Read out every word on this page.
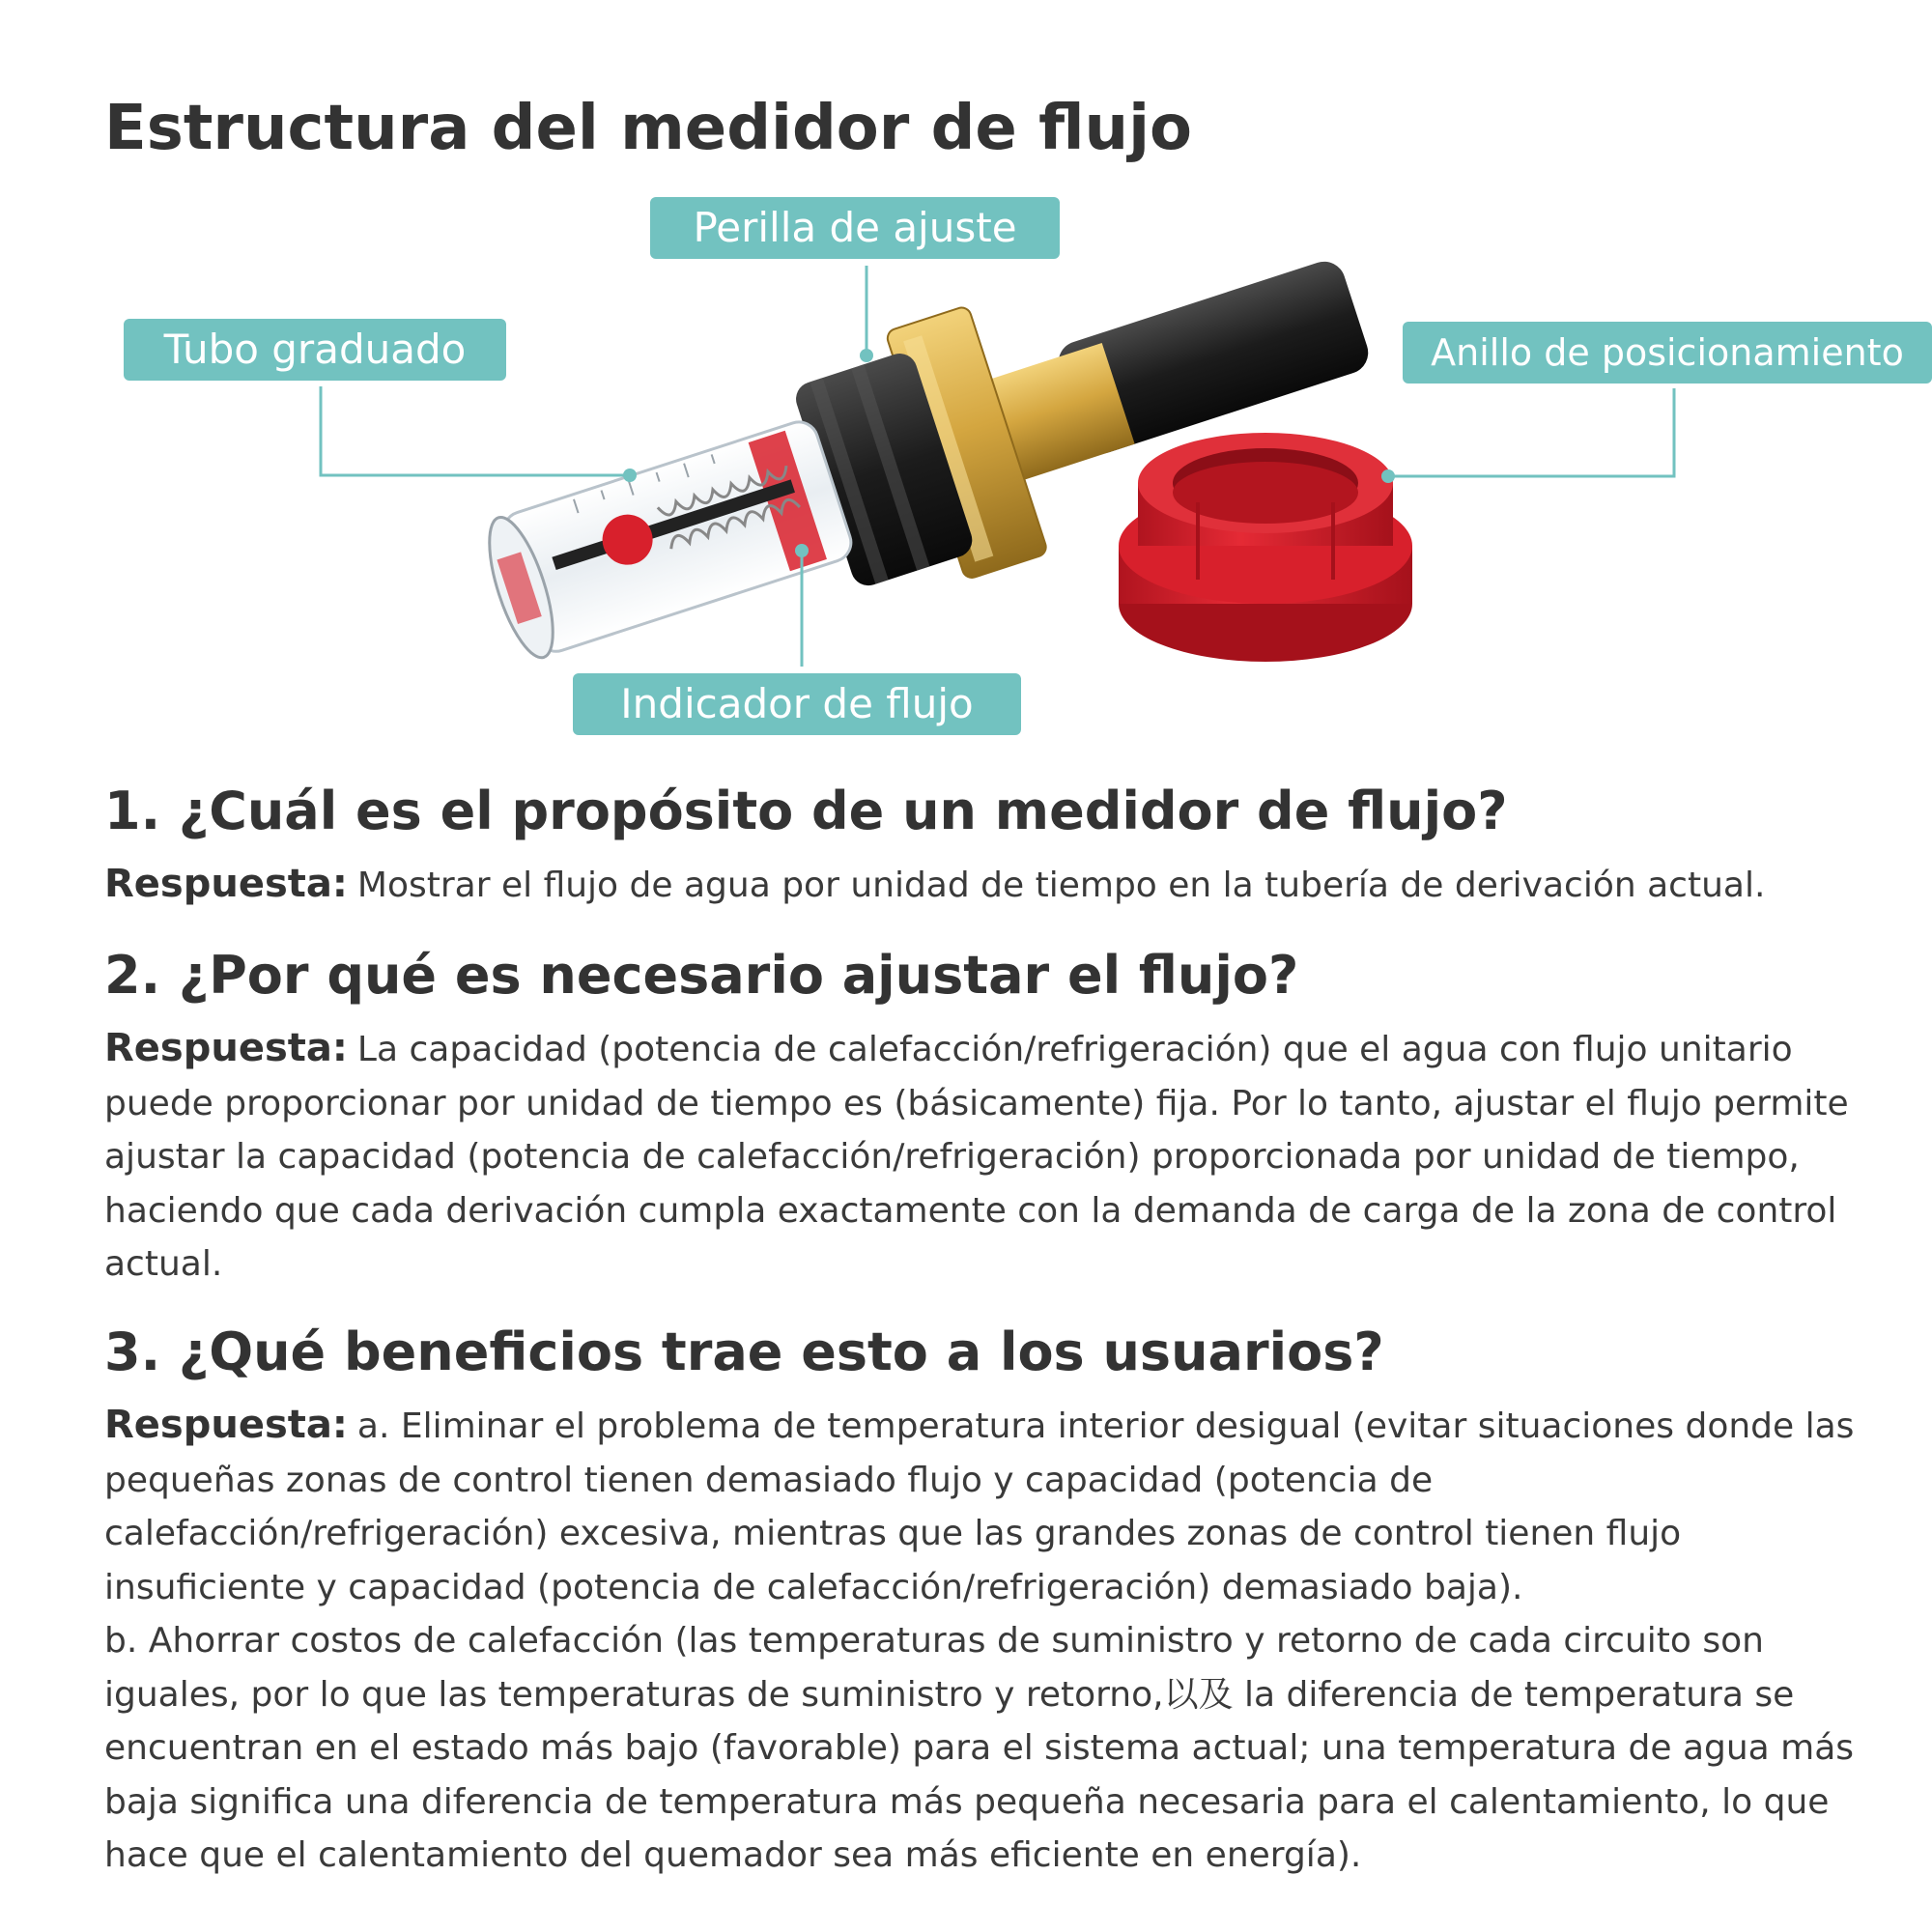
Estructura del medidor de flujo
Perilla de ajuste
Tubo graduado	Anillo de posicionamiento
Indicador de flujo
1. ¿Cuál es el propósito de un medidor de flujo?

Respuesta: Mostrar el flujo de agua por unidad de tiempo en la tubería de derivación actual.

2. ¿Por qué es necesario ajustar el flujo?

Respuesta: La capacidad (potencia de calefacción/refrigeración) que el agua con flujo unitario puede proporcionar por unidad de tiempo es (básicamente) fija. Por lo tanto, ajustar el flujo permite ajustar la capacidad (potencia de calefacción/refrigeración) proporcionada por unidad de tiempo, haciendo que cada derivación cumpla exactamente con la demanda de carga de la zona de control actual.

3. ¿Qué beneficios trae esto a los usuarios?

Respuesta: a. Eliminar el problema de temperatura interior desigual (evitar situaciones donde las pequeñas zonas de control tienen demasiado flujo y capacidad (potencia de calefacción/refrigeración) excesiva, mientras que las grandes zonas de control tienen flujo insuficiente y capacidad (potencia de calefacción/refrigeración) demasiado baja).

b. Ahorrar costos de calefacción (las temperaturas de suministro y retorno de cada circuito son iguales, por lo que las temperaturas de suministro y retorno,以及 la diferencia de temperatura se encuentran en el estado más bajo (favorable) para el sistema actual; una temperatura de agua más baja significa una diferencia de temperatura más pequeña necesaria para el calentamiento, lo que hace que el calentamiento del quemador sea más eficiente en energía).
